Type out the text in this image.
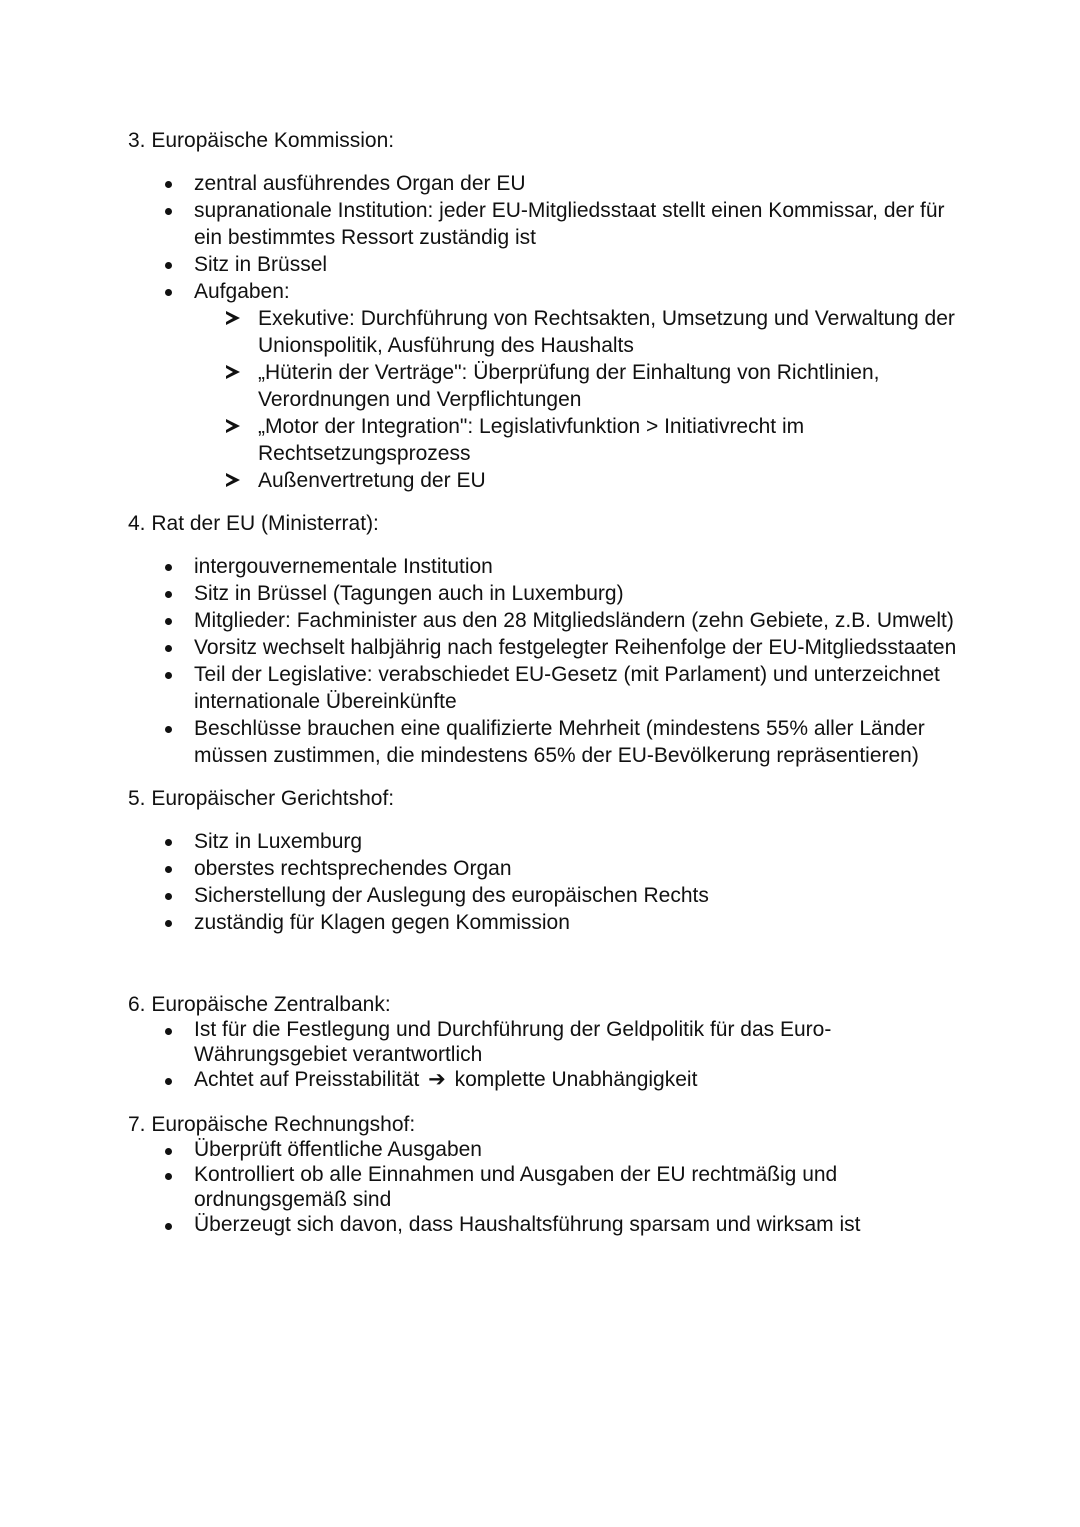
3. Europäische Kommission:
zentral ausführendes Organ der EU
supranationale Institution: jeder EU-Mitgliedsstaat stellt einen Kommissar, der für ein bestimmtes Ressort zuständig ist
Sitz in Brüssel
Aufgaben:
Exekutive: Durchführung von Rechtsakten, Umsetzung und Verwaltung der Unionspolitik, Ausführung des Haushalts
„Hüterin der Verträge": Überprüfung der Einhaltung von Richtlinien, Verordnungen und Verpflichtungen
„Motor der Integration": Legislativfunktion > Initiativrecht im Rechtsetzungsprozess
Außenvertretung der EU
4. Rat der EU (Ministerrat):
intergouvernementale Institution
Sitz in Brüssel (Tagungen auch in Luxemburg)
Mitglieder: Fachminister aus den 28 Mitgliedsländern (zehn Gebiete, z.B. Umwelt)
Vorsitz wechselt halbjährig nach festgelegter Reihenfolge der EU-Mitgliedsstaaten
Teil der Legislative: verabschiedet EU-Gesetz (mit Parlament) und unterzeichnet internationale Übereinkünfte
Beschlüsse brauchen eine qualifizierte Mehrheit (mindestens 55% aller Länder müssen zustimmen, die mindestens 65% der EU-Bevölkerung repräsentieren)
5. Europäischer Gerichtshof:
Sitz in Luxemburg
oberstes rechtsprechendes Organ
Sicherstellung der Auslegung des europäischen Rechts
zuständig für Klagen gegen Kommission
6. Europäische Zentralbank:
Ist für die Festlegung und Durchführung der Geldpolitik für das Euro-Währungsgebiet verantwortlich
Achtet auf Preisstabilität ➔ komplette Unabhängigkeit
7. Europäische Rechnungshof:
Überprüft öffentliche Ausgaben
Kontrolliert ob alle Einnahmen und Ausgaben der EU rechtmäßig und ordnungsgemäß sind
Überzeugt sich davon, dass Haushaltsführung sparsam und wirksam ist
